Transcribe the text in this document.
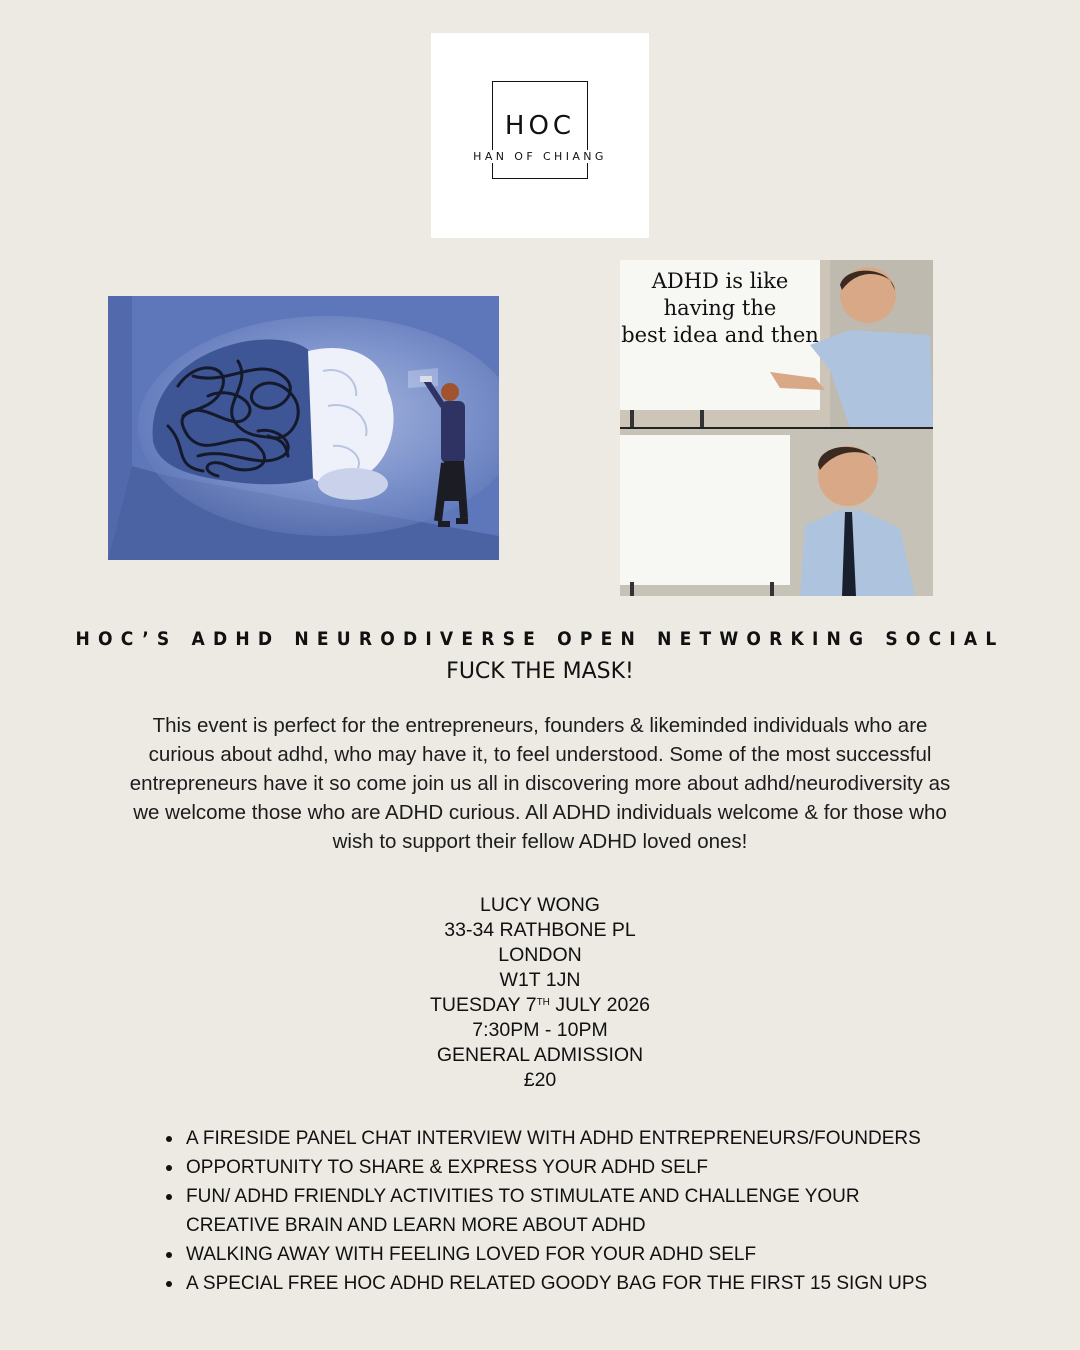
HOC
HAN OF CHIANG
ADHD is like
having the
best idea and then
HOC’S ADHD NEURODIVERSE OPEN NETWORKING SOCIAL
FUCK THE MASK!
This event is perfect for the entrepreneurs, founders & likeminded individuals who are
curious about adhd, who may have it, to feel understood. Some of the most successful
entrepreneurs have it so come join us all in discovering more about adhd/neurodiversity as
we welcome those who are ADHD curious. All ADHD individuals welcome & for those who
wish to support their fellow ADHD loved ones!
LUCY WONG
33-34 RATHBONE PL
LONDON
W1T 1JN
TUESDAY 7TH JULY 2026
7:30PM - 10PM
GENERAL ADMISSION
£20
A FIRESIDE PANEL CHAT INTERVIEW WITH ADHD ENTREPRENEURS/FOUNDERS
OPPORTUNITY TO SHARE & EXPRESS YOUR ADHD SELF
FUN/ ADHD FRIENDLY ACTIVITIES TO STIMULATE AND CHALLENGE YOUR CREATIVE BRAIN AND LEARN MORE ABOUT ADHD
WALKING AWAY WITH FEELING LOVED FOR YOUR ADHD SELF
A SPECIAL FREE HOC ADHD RELATED GOODY BAG FOR THE FIRST 15 SIGN UPS
